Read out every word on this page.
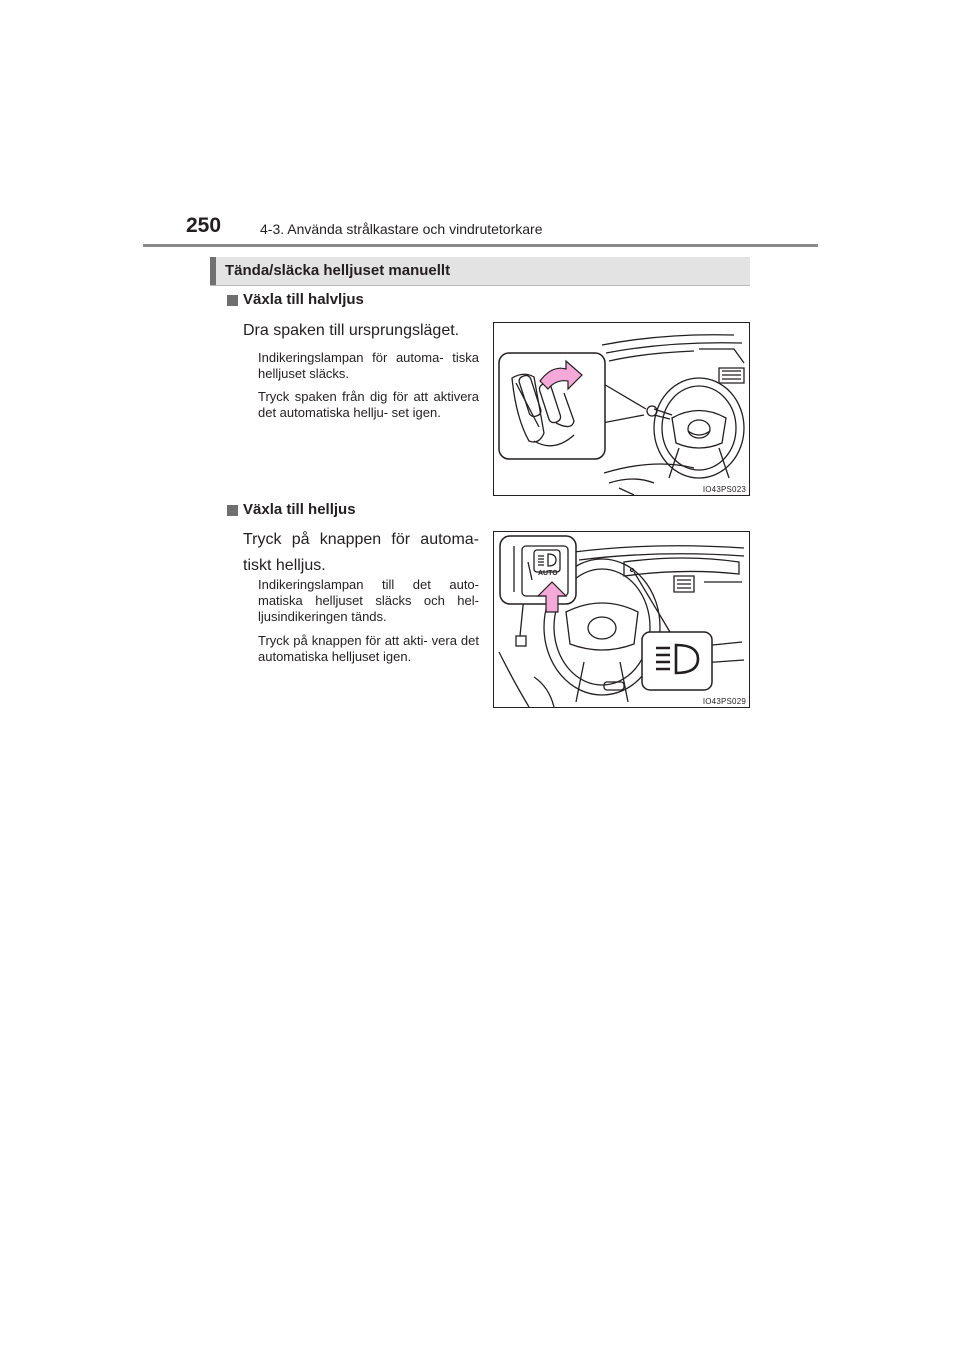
250	4-3. Använda strålkastare och vindrutetorkare
Tända/släcka helljuset manuellt
Växla till halvljus
Dra spaken till ursprungsläget.
Indikeringslampan för automa- tiska helljuset släcks.
Tryck spaken från dig för att aktivera det automatiska hellju- set igen.
IO43PS023
Växla till helljus
Tryck på knappen för automa- tiskt helljus.
Indikeringslampan till det auto- matiska helljuset släcks och hel- ljusindikeringen tänds.
Tryck på knappen för att akti- vera det automatiska helljuset igen.
AUTO
IO43PS029
